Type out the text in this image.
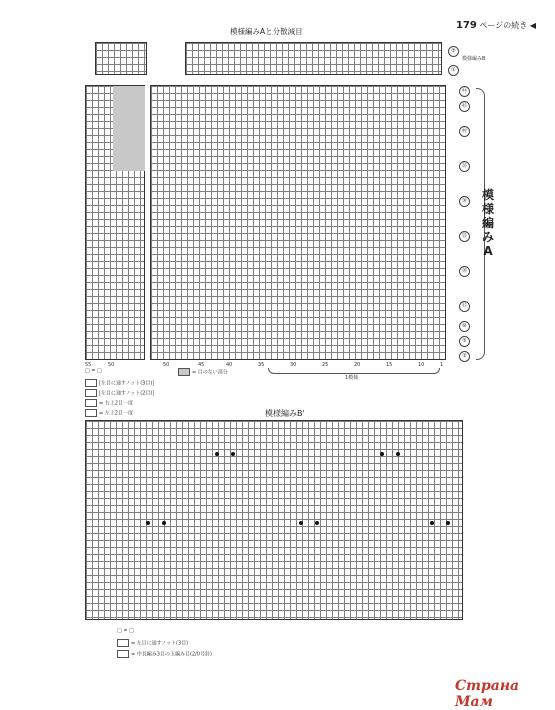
179 ページの続き ◀
模様編みAと分散減目
⑤
①
模様編みB
㊹
㊺
㊵
㉟
㉚
㉕
⑳
⑮
⑩
⑤
①
模様編みA
55	50	50	45	40	35	30	25	20	15	10	1
1模様
□ = □
[左目に通すノット(3目)]
[左目に通すノット(2目)]
= 右上2目一度
= 左上2目一度
= 目のない部分
模様編みB'
□ = □
= 左目に通すノット(3目)
= 中長編み3目の玉編み目(2/0号針)
Страна Мам
